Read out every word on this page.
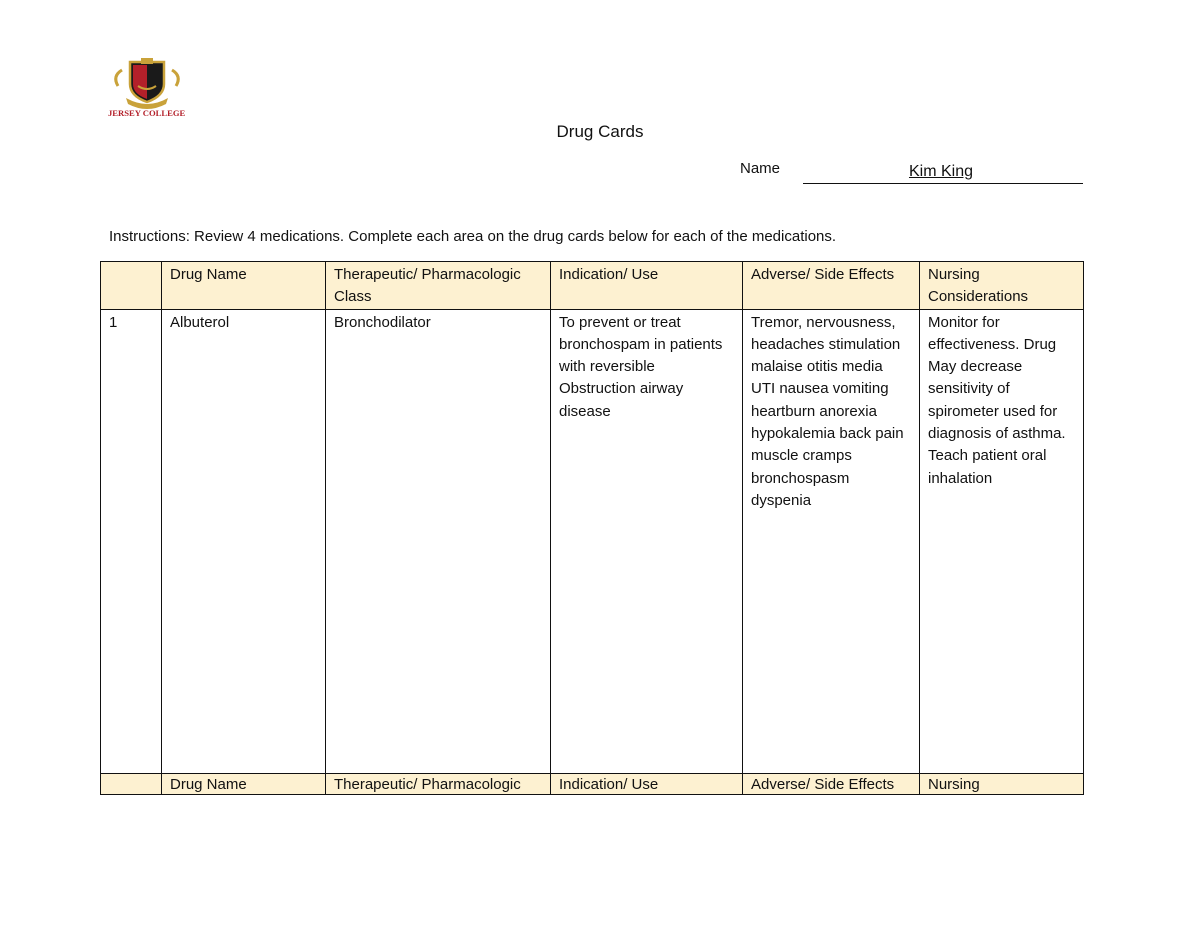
JERSEY COLLEGE
Drug Cards
Name	Kim King
Instructions: Review 4 medications. Complete each area on the drug cards below for each of the medications.
	Drug Name	Therapeutic/ Pharmacologic Class	Indication/ Use	Adverse/ Side Effects	Nursing Considerations
1	Albuterol	Bronchodilator	To prevent or treat bronchospam in patients with reversible Obstruction airway disease	Tremor, nervousness, headaches stimulation malaise otitis media UTI nausea vomiting heartburn anorexia hypokalemia back pain muscle cramps bronchospasm dyspenia	Monitor for effectiveness. Drug May decrease sensitivity of spirometer used for diagnosis of asthma. Teach patient oral inhalation
	Drug Name	Therapeutic/ Pharmacologic	Indication/ Use	Adverse/ Side Effects	Nursing
